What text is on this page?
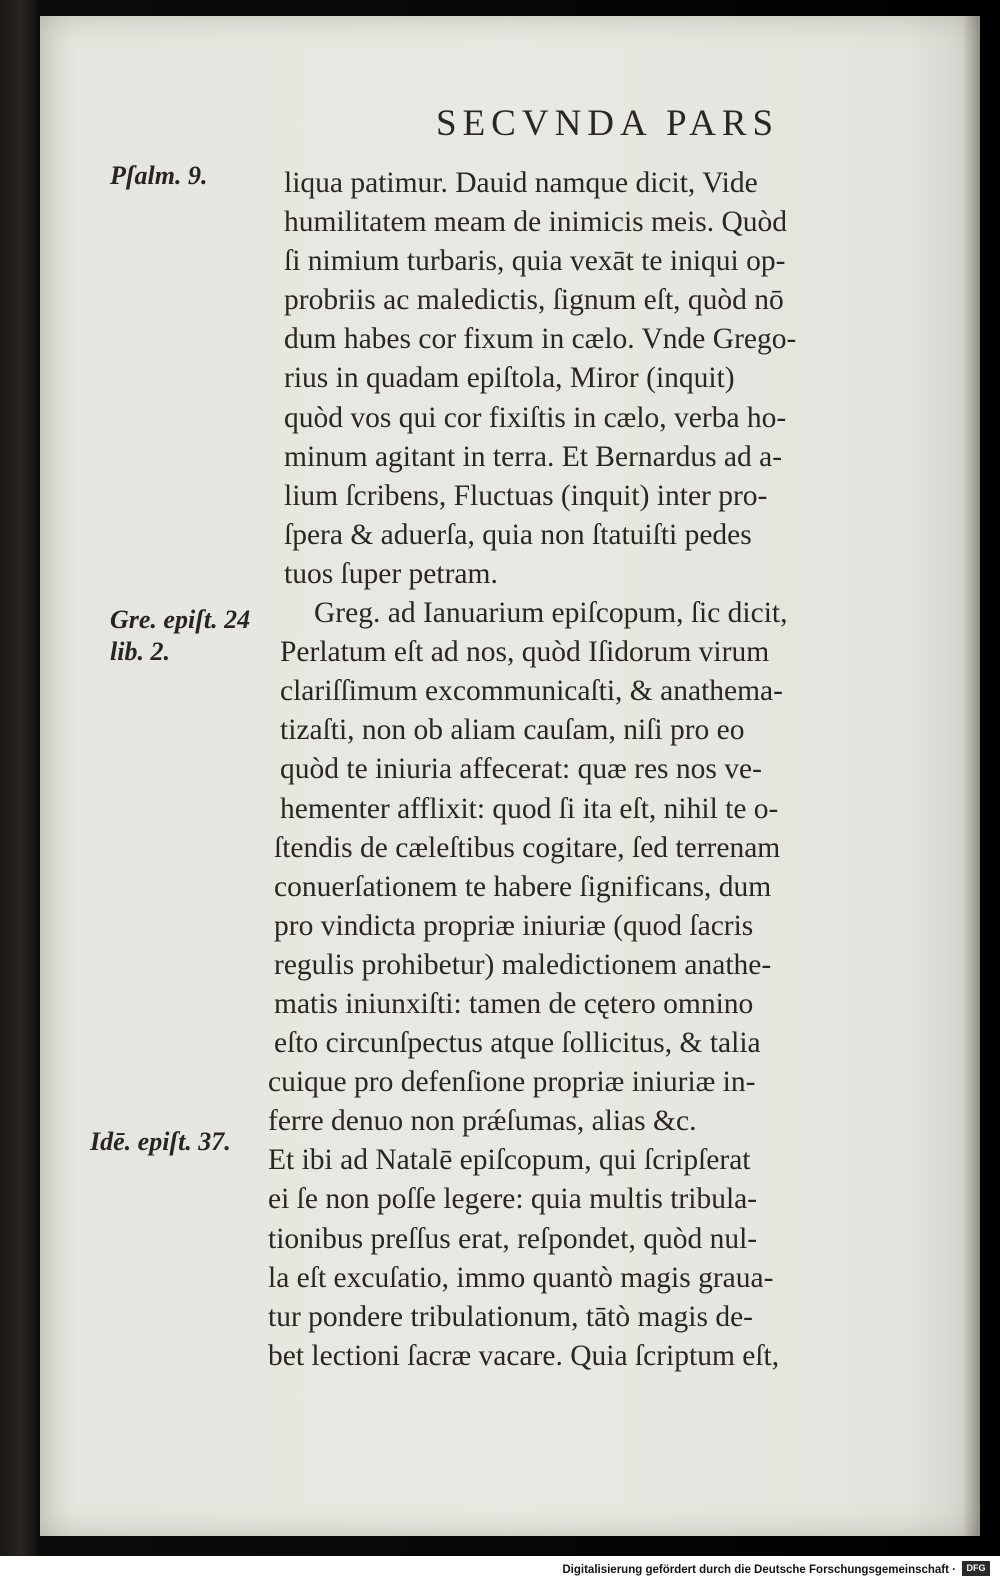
SECVNDA PARS
Pſalm. 9.
Gre. epiſt. 24
lib. 2.
Idē. epiſt. 37.
liqua patimur. Dauid namque dicit, Vide
humilitatem meam de inimicis meis. Quòd
ſi nimium turbaris, quia vexāt te iniqui op-
probriis ac maledictis, ſignum eſt, quòd nō
dum habes cor fixum in cælo. Vnde Grego-
rius in quadam epiſtola, Miror (inquit)
quòd vos qui cor fixiſtis in cælo, verba ho-
minum agitant in terra. Et Bernardus ad a-
lium ſcribens, Fluctuas (inquit) inter pro-
ſpera & aduerſa, quia non ſtatuiſti pedes
tuos ſuper petram.
Greg. ad Ianuarium epiſcopum, ſic dicit,
Perlatum eſt ad nos, quòd Iſidorum virum
clariſſimum excommunicaſti, & anathema-
tizaſti, non ob aliam cauſam, niſi pro eo
quòd te iniuria affecerat: quæ res nos ve-
hementer afflixit: quod ſi ita eſt, nihil te o-
ſtendis de cæleſtibus cogitare, ſed terrenam
conuerſationem te habere ſignificans, dum
pro vindicta propriæ iniuriæ (quod ſacris
regulis prohibetur) maledictionem anathe-
matis iniunxiſti: tamen de cętero omnino
eſto circunſpectus atque ſollicitus, & talia
cuique pro defenſione propriæ iniuriæ in-
ferre denuo non prǽſumas, alias &c.
Et ibi ad Natalē epiſcopum, qui ſcripſerat
ei ſe non poſſe legere: quia multis tribula-
tionibus preſſus erat, reſpondet, quòd nul-
la eſt excuſatio, immo quantò magis graua-
tur pondere tribulationum, tātò magis de-
bet lectioni ſacræ vacare. Quia ſcriptum eſt,
Digitalisierung gefördert durch die Deutsche Forschungsgemeinschaft ·	DFG
